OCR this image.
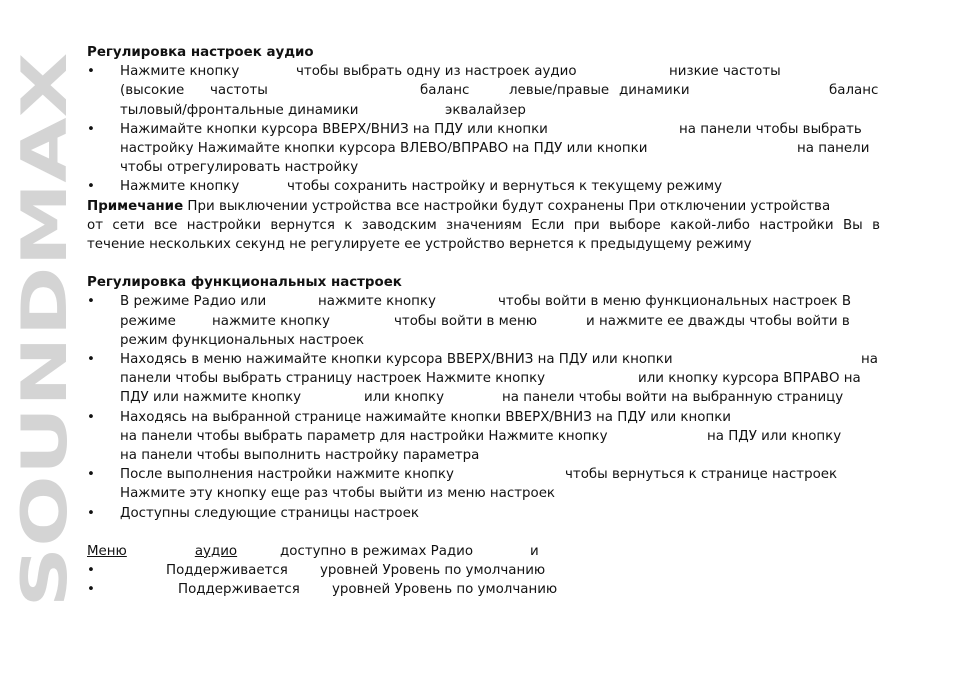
SOUNDMAX
Регулировка настроек аудио
• Нажмите кнопку	чтобы выбрать одну из настроек аудио	низкие частоты
(высокие частоты	баланс	левые/правые динамики	баланс
тыловый/фронтальные динамики	эквалайзер
• Нажимайте кнопки курсора ВВЕРХ/ВНИЗ на ПДУ или кнопки	на панели чтобы выбрать
настройку Нажимайте кнопки курсора ВЛЕВО/ВПРАВО на ПДУ или кнопки	на панели
чтобы отрегулировать настройку
• Нажмите кнопку	чтобы сохранить настройку и вернуться к текущему режиму
Примечание При выключении устройства все настройки будут сохранены При отключении устройства
от сети все настройки вернутся к заводским значениям Если при выборе какой-либо настройки Вы в
течение нескольких секунд не регулируете ее устройство вернется к предыдущему режиму
Регулировка функциональных настроек
• В режиме Радио или	нажмите кнопку	чтобы войти в меню функциональных настроек В
режиме	нажмите кнопку	чтобы войти в меню	и нажмите ее дважды чтобы войти в
режим функциональных настроек
• Находясь в меню нажимайте кнопки курсора ВВЕРХ/ВНИЗ на ПДУ или кнопки	на
панели чтобы выбрать страницу настроек Нажмите кнопку	или кнопку курсора ВПРАВО на
ПДУ или нажмите кнопку	или кнопку	на панели чтобы войти на выбранную страницу
• Находясь на выбранной странице нажимайте кнопки ВВЕРХ/ВНИЗ на ПДУ или кнопки
на панели чтобы выбрать параметр для настройки Нажмите кнопку	на ПДУ или кнопку
на панели чтобы выполнить настройку параметра
• После выполнения настройки нажмите кнопку	чтобы вернуться к странице настроек
Нажмите эту кнопку еще раз чтобы выйти из меню настроек
• Доступны следующие страницы настроек
Меню	аудио	доступно в режимах Радио	и
•	Поддерживается уровней Уровень по умолчанию
•	Поддерживается уровней Уровень по умолчанию
